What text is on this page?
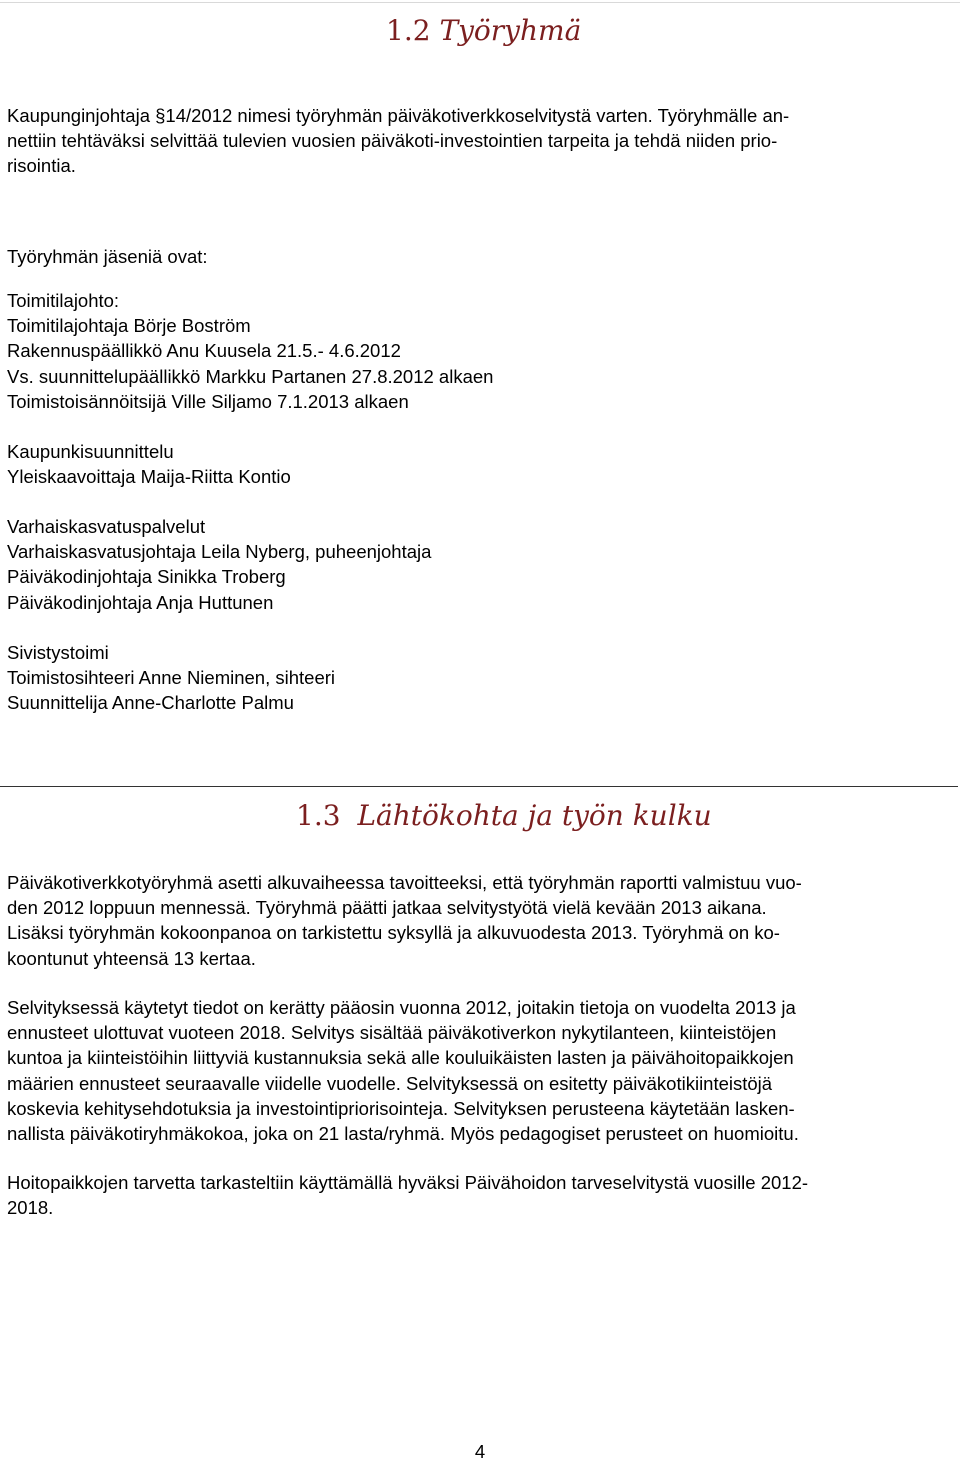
1.2 Työryhmä
Kaupunginjohtaja §14/2012 nimesi työryhmän päiväkotiverkkoselvitystä varten. Työryhmälle an-
nettiin tehtäväksi selvittää tulevien vuosien päiväkoti-investointien tarpeita ja tehdä niiden prio-
risointia.
Työryhmän jäseniä ovat:
Toimitilajohto:
Toimitilajohtaja Börje Boström
Rakennuspäällikkö Anu Kuusela 21.5.- 4.6.2012
Vs. suunnittelupäällikkö Markku Partanen 27.8.2012 alkaen
Toimistoisännöitsijä Ville Siljamo 7.1.2013 alkaen
Kaupunkisuunnittelu
Yleiskaavoittaja Maija-Riitta Kontio
Varhaiskasvatuspalvelut
Varhaiskasvatusjohtaja Leila Nyberg, puheenjohtaja
Päiväkodinjohtaja Sinikka Troberg
Päiväkodinjohtaja Anja Huttunen
Sivistystoimi
Toimistosihteeri Anne Nieminen, sihteeri
Suunnittelija Anne-Charlotte Palmu
1.3 Lähtökohta ja työn kulku
Päiväkotiverkkotyöryhmä asetti alkuvaiheessa tavoitteeksi, että työryhmän raportti valmistuu vuo-
den 2012 loppuun mennessä. Työryhmä päätti jatkaa selvitystyötä vielä kevään 2013 aikana.
Lisäksi työryhmän kokoonpanoa on tarkistettu syksyllä ja alkuvuodesta 2013. Työryhmä on ko-
koontunut yhteensä 13 kertaa.
Selvityksessä käytetyt tiedot on kerätty pääosin vuonna 2012, joitakin tietoja on vuodelta 2013 ja
ennusteet ulottuvat vuoteen 2018. Selvitys sisältää päiväkotiverkon nykytilanteen, kiinteistöjen
kuntoa ja kiinteistöihin liittyviä kustannuksia sekä alle kouluikäisten lasten ja päivähoitopaikkojen
määrien ennusteet seuraavalle viidelle vuodelle. Selvityksessä on esitetty päiväkotikiinteistöjä
koskevia kehitysehdotuksia ja investointipriorisointeja. Selvityksen perusteena käytetään lasken-
nallista päiväkotiryhmäkokoa, joka on 21 lasta/ryhmä. Myös pedagogiset perusteet on huomioitu.
Hoitopaikkojen tarvetta tarkasteltiin käyttämällä hyväksi Päivähoidon tarveselvitystä vuosille 2012-
2018.
4
